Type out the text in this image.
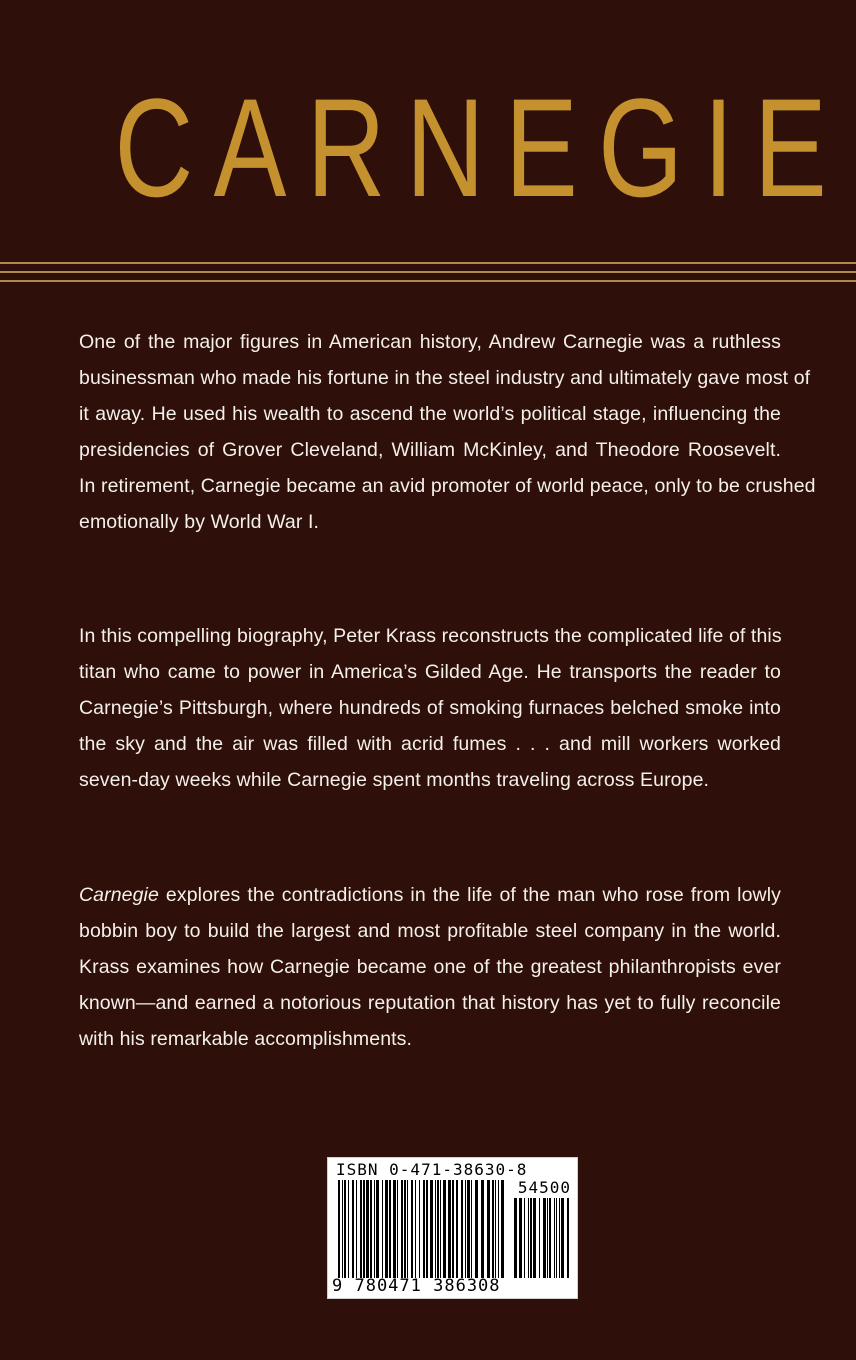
CARNEGIE
One of the major figures in American history, Andrew Carnegie was a ruthless
businessman who made his fortune in the steel industry and ultimately gave most of
it away. He used his wealth to ascend the world’s political stage, influencing the
presidencies of Grover Cleveland, William McKinley, and Theodore Roosevelt.
In retirement, Carnegie became an avid promoter of world peace, only to be crushed
emotionally by World War I.
In this compelling biography, Peter Krass reconstructs the complicated life of this
titan who came to power in America’s Gilded Age. He transports the reader to
Carnegie’s Pittsburgh, where hundreds of smoking furnaces belched smoke into
the sky and the air was filled with acrid fumes . . . and mill workers worked
seven-day weeks while Carnegie spent months traveling across Europe.
Carnegie explores the contradictions in the life of the man who rose from lowly
bobbin boy to build the largest and most profitable steel company in the world.
Krass examines how Carnegie became one of the greatest philanthropists ever
known—and earned a notorious reputation that history has yet to fully reconcile
with his remarkable accomplishments.
ISBN 0-471-38630-8
54500
9 780471 386308
